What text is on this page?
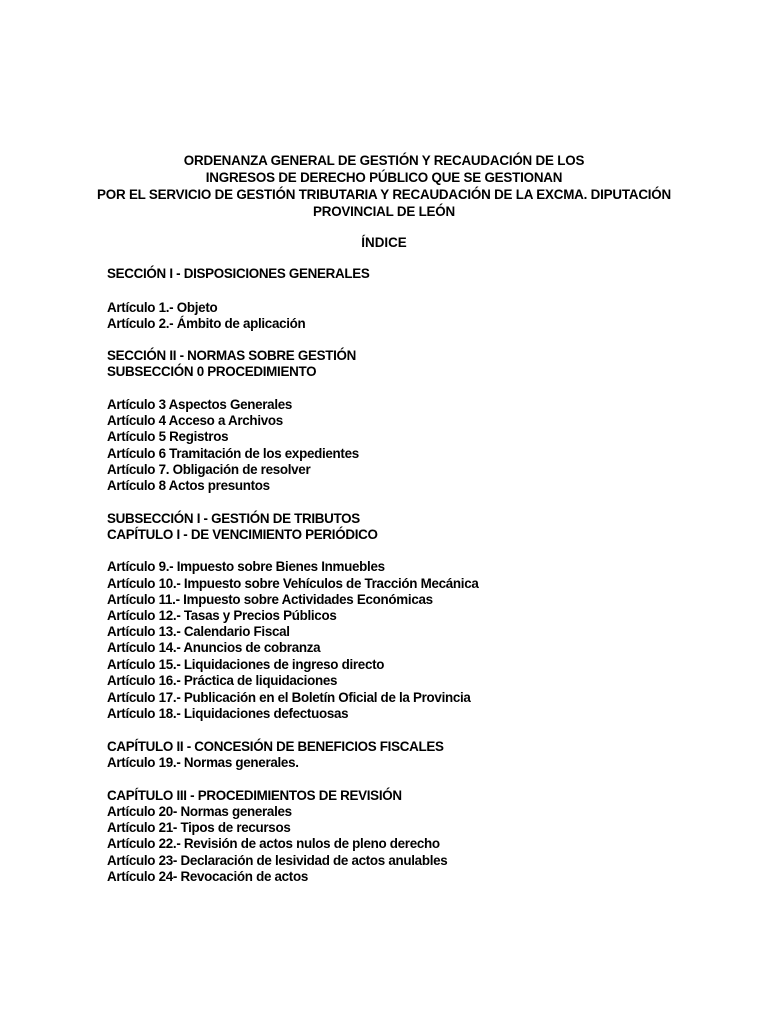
ORDENANZA GENERAL DE GESTIÓN Y RECAUDACIÓN DE LOS
INGRESOS DE DERECHO PÚBLICO QUE SE GESTIONAN
POR EL SERVICIO DE GESTIÓN TRIBUTARIA Y RECAUDACIÓN DE LA EXCMA. DIPUTACIÓN
PROVINCIAL DE LEÓN
ÍNDICE
SECCIÓN I - DISPOSICIONES GENERALES
Artículo 1.- Objeto
Artículo 2.- Ámbito de aplicación
SECCIÓN II - NORMAS SOBRE GESTIÓN
SUBSECCIÓN 0 PROCEDIMIENTO
Artículo 3 Aspectos Generales
Artículo 4 Acceso a Archivos
Artículo 5 Registros
Artículo 6 Tramitación de los expedientes
Artículo 7. Obligación de resolver
Artículo 8 Actos presuntos
SUBSECCIÓN I - GESTIÓN DE TRIBUTOS
CAPÍTULO I - DE VENCIMIENTO PERIÓDICO
Artículo 9.- Impuesto sobre Bienes Inmuebles
Artículo 10.- Impuesto sobre Vehículos de Tracción Mecánica
Artículo 11.- Impuesto sobre Actividades Económicas
Artículo 12.- Tasas y Precios Públicos
Artículo 13.- Calendario Fiscal
Artículo 14.- Anuncios de cobranza
Artículo 15.- Liquidaciones de ingreso directo
Artículo 16.- Práctica de liquidaciones
Artículo 17.- Publicación en el Boletín Oficial de la Provincia
Artículo 18.- Liquidaciones defectuosas
CAPÍTULO II - CONCESIÓN DE BENEFICIOS FISCALES
Artículo 19.- Normas generales.
CAPÍTULO III - PROCEDIMIENTOS DE REVISIÓN
Artículo 20- Normas generales
Artículo 21- Tipos de recursos
Artículo 22.- Revisión de actos nulos de pleno derecho
Artículo 23- Declaración de lesividad de actos anulables
Artículo 24- Revocación de actos
